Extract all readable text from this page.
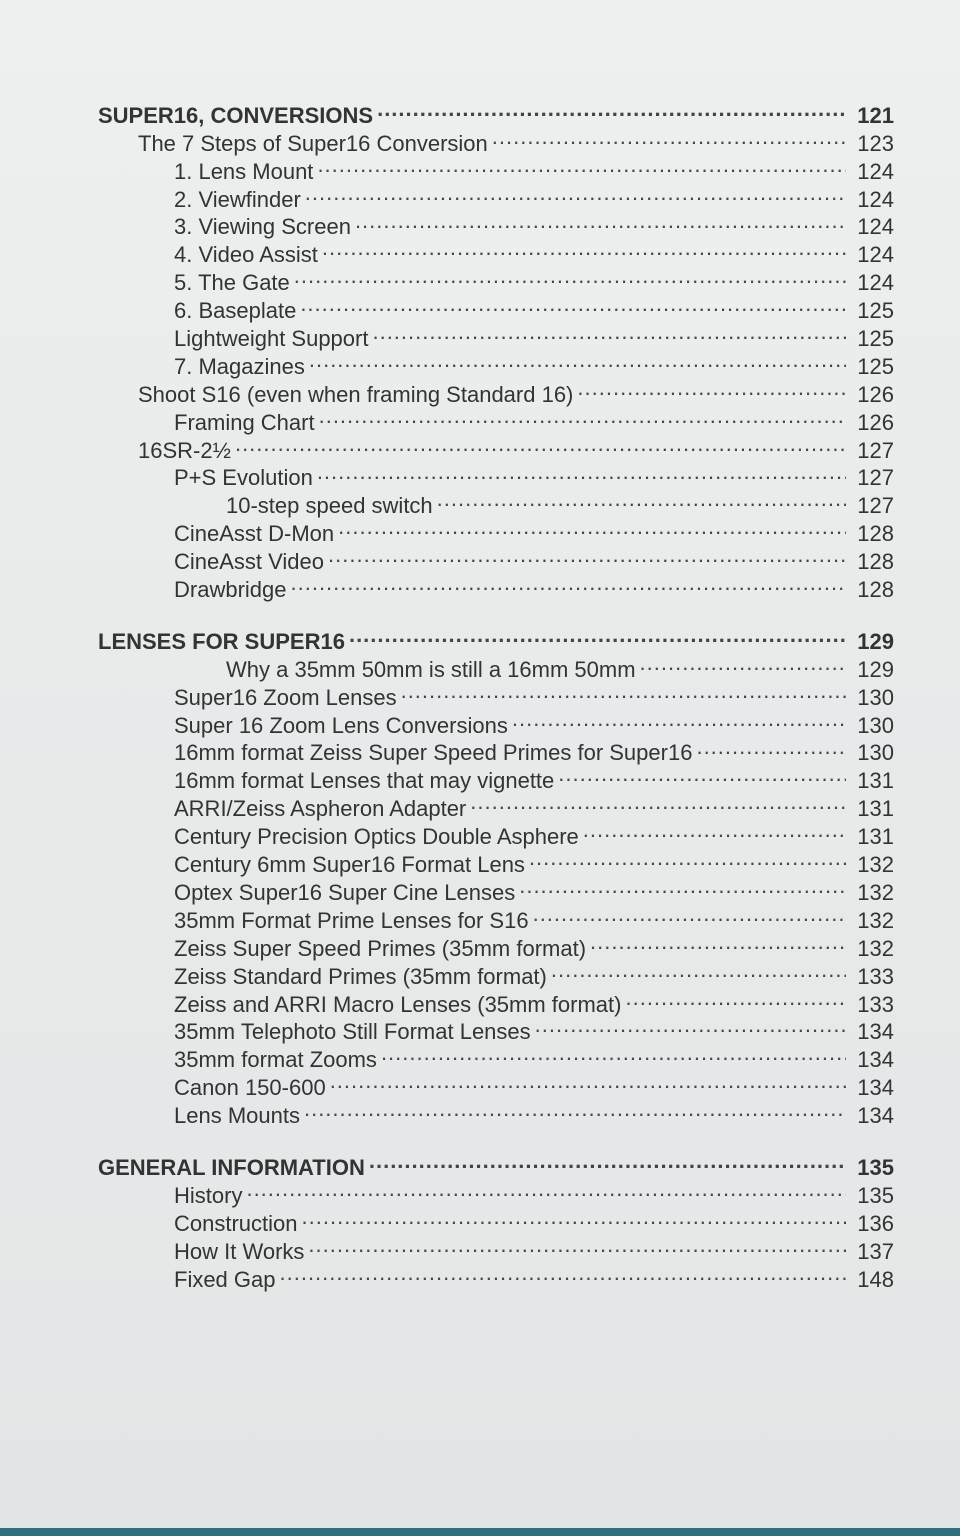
SUPER16, CONVERSIONS .....	121
The 7 Steps of Super16 Conversion .....	123
1. Lens Mount .....	124
2. Viewfinder .....	124
3. Viewing Screen .....	124
4. Video Assist .....	124
5. The Gate .....	124
6. Baseplate .....	125
Lightweight Support .....	125
7. Magazines .....	125
Shoot S16 (even when framing Standard 16) .....	126
Framing Chart .....	126
16SR-2½ .....	127
P+S Evolution .....	127
10-step speed switch .....	127
CineAsst D-Mon .....	128
CineAsst Video .....	128
Drawbridge .....	128
LENSES FOR SUPER16 .....	129
Why a 35mm 50mm is still a 16mm 50mm .....	129
Super16 Zoom Lenses .....	130
Super 16 Zoom Lens Conversions .....	130
16mm format Zeiss Super Speed Primes for Super16 .....	130
16mm format Lenses that may vignette .....	131
ARRI/Zeiss Aspheron Adapter .....	131
Century Precision Optics Double Asphere .....	131
Century 6mm Super16 Format Lens .....	132
Optex Super16 Super Cine Lenses .....	132
35mm Format Prime Lenses for S16 .....	132
Zeiss Super Speed Primes (35mm format) .....	132
Zeiss Standard Primes (35mm format) .....	133
Zeiss and ARRI Macro Lenses (35mm format) .....	133
35mm Telephoto Still Format Lenses .....	134
35mm format Zooms .....	134
Canon 150-600 .....	134
Lens Mounts .....	134
GENERAL INFORMATION .....	135
History .....	135
Construction .....	136
How It Works .....	137
Fixed Gap .....	148
